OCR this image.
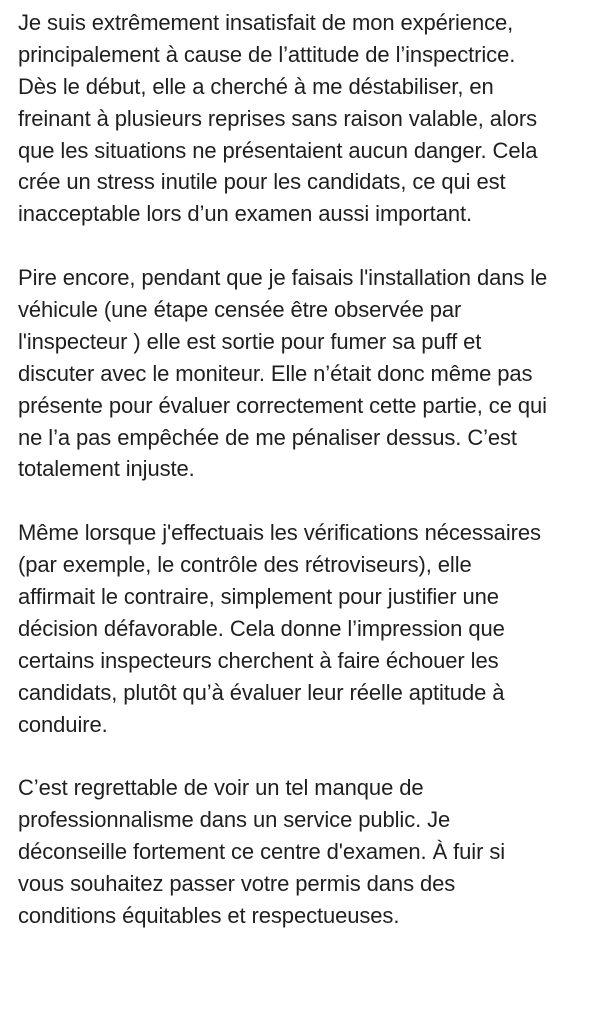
Je suis extrêmement insatisfait de mon expérience,
principalement à cause de l’attitude de l’inspectrice.
Dès le début, elle a cherché à me déstabiliser, en
freinant à plusieurs reprises sans raison valable, alors
que les situations ne présentaient aucun danger. Cela
crée un stress inutile pour les candidats, ce qui est
inacceptable lors d’un examen aussi important.
Pire encore, pendant que je faisais l'installation dans le
véhicule (une étape censée être observée par
l'inspecteur ) elle est sortie pour fumer sa puff et
discuter avec le moniteur. Elle n’était donc même pas
présente pour évaluer correctement cette partie, ce qui
ne l’a pas empêchée de me pénaliser dessus. C’est
totalement injuste.
Même lorsque j'effectuais les vérifications nécessaires
(par exemple, le contrôle des rétroviseurs), elle
affirmait le contraire, simplement pour justifier une
décision défavorable. Cela donne l’impression que
certains inspecteurs cherchent à faire échouer les
candidats, plutôt qu’à évaluer leur réelle aptitude à
conduire.
C’est regrettable de voir un tel manque de
professionnalisme dans un service public. Je
déconseille fortement ce centre d'examen. À fuir si
vous souhaitez passer votre permis dans des
conditions équitables et respectueuses.
